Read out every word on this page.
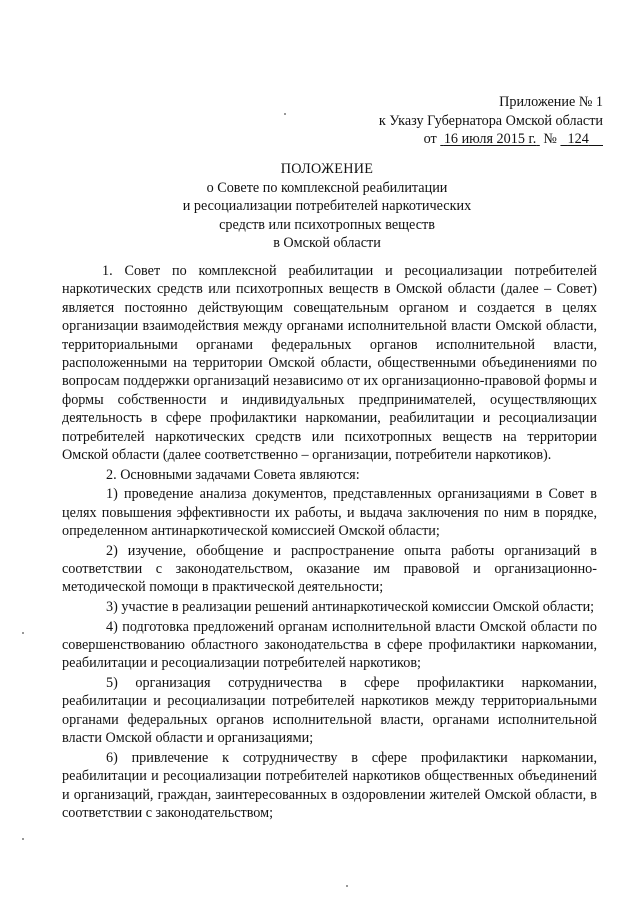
Приложение № 1
к Указу Губернатора Омской области
от 16 июля 2015 г. № 124
ПОЛОЖЕНИЕ
о Совете по комплексной реабилитации
и ресоциализации потребителей наркотических
средств или психотропных веществ
в Омской области

1. Совет по комплексной реабилитации и ресоциализации потребителей наркотических средств или психотропных веществ в Омской области (далее – Совет) является постоянно действующим совещательным органом и создается в целях организации взаимодействия между органами исполнительной власти Омской области, территориальными органами федеральных органов исполнительной власти, расположенными на территории Омской области, общественными объединениями по вопросам поддержки организаций независимо от их организационно-правовой формы и формы собственности и индивидуальных предпринимателей, осуществляющих деятельность в сфере профилактики наркомании, реабилитации и ресоциализации потребителей наркотических средств или психотропных веществ на территории Омской области (далее соответственно – организации, потребители наркотиков).

2. Основными задачами Совета являются:

1) проведение анализа документов, представленных организациями в Совет в целях повышения эффективности их работы, и выдача заключения по ним в порядке, определенном антинаркотической комиссией Омской области;

2) изучение, обобщение и распространение опыта работы организаций в соответствии с законодательством, оказание им правовой и организационно-методической помощи в практической деятельности;

3) участие в реализации решений антинаркотической комиссии Омской области;

4) подготовка предложений органам исполнительной власти Омской области по совершенствованию областного законодательства в сфере профилактики наркомании, реабилитации и ресоциализации потребителей наркотиков;

5) организация сотрудничества в сфере профилактики наркомании, реабилитации и ресоциализации потребителей наркотиков между территориальными органами федеральных органов исполнительной власти, органами исполнительной власти Омской области и организациями;

6) привлечение к сотрудничеству в сфере профилактики наркомании, реабилитации и ресоциализации потребителей наркотиков общественных объединений и организаций, граждан, заинтересованных в оздоровлении жителей Омской области, в соответствии с законодательством;
